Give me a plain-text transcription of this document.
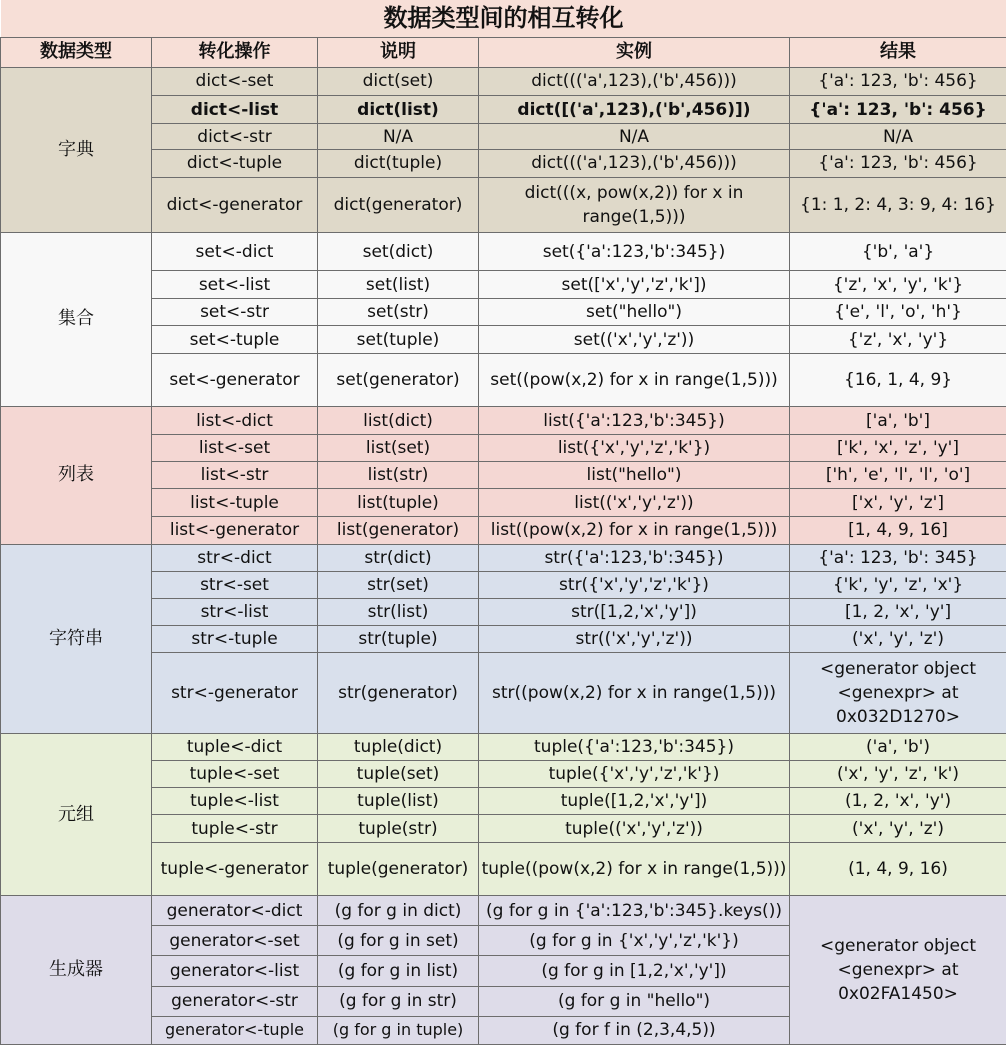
数据类型间的相互转化				
数据类型	转化操作	说明	实例	结果
字典	dict<-set	dict(set)	dict((('a',123),('b',456)))	{'a': 123, 'b': 456}
	dict<-list	dict(list)	dict([('a',123),('b',456)])	{'a': 123, 'b': 456}
	dict<-str	N/A	N/A	N/A
	dict<-tuple	dict(tuple)	dict((('a',123),('b',456)))	{'a': 123, 'b': 456}
	dict<-generator	dict(generator)	dict(((x, pow(x,2)) for x in range(1,5)))	{1: 1, 2: 4, 3: 9, 4: 16}
集合	set<-dict	set(dict)	set({'a':123,'b':345})	{'b', 'a'}
	set<-list	set(list)	set(['x','y','z','k'])	{'z', 'x', 'y', 'k'}
	set<-str	set(str)	set("hello")	{'e', 'l', 'o', 'h'}
	set<-tuple	set(tuple)	set(('x','y','z'))	{'z', 'x', 'y'}
	set<-generator	set(generator)	set((pow(x,2) for x in range(1,5)))	{16, 1, 4, 9}
列表	list<-dict	list(dict)	list({'a':123,'b':345})	['a', 'b']
	list<-set	list(set)	list({'x','y','z','k'})	['k', 'x', 'z', 'y']
	list<-str	list(str)	list("hello")	['h', 'e', 'l', 'l', 'o']
	list<-tuple	list(tuple)	list(('x','y','z'))	['x', 'y', 'z']
	list<-generator	list(generator)	list((pow(x,2) for x in range(1,5)))	[1, 4, 9, 16]
字符串	str<-dict	str(dict)	str({'a':123,'b':345})	{'a': 123, 'b': 345}
	str<-set	str(set)	str({'x','y','z','k'})	{'k', 'y', 'z', 'x'}
	str<-list	str(list)	str([1,2,'x','y'])	[1, 2, 'x', 'y']
	str<-tuple	str(tuple)	str(('x','y','z'))	('x', 'y', 'z')
	str<-generator	str(generator)	str((pow(x,2) for x in range(1,5)))	<generator object <genexpr> at 0x032D1270>
元组	tuple<-dict	tuple(dict)	tuple({'a':123,'b':345})	('a', 'b')
	tuple<-set	tuple(set)	tuple({'x','y','z','k'})	('x', 'y', 'z', 'k')
	tuple<-list	tuple(list)	tuple([1,2,'x','y'])	(1, 2, 'x', 'y')
	tuple<-str	tuple(str)	tuple(('x','y','z'))	('x', 'y', 'z')
	tuple<-generator	tuple(generator)	tuple((pow(x,2) for x in range(1,5)))	(1, 4, 9, 16)
生成器	generator<-dict	(g for g in dict)	(g for g in {'a':123,'b':345}.keys())	<generator object <genexpr> at 0x02FA1450>
	generator<-set	(g for g in set)	(g for g in {'x','y','z','k'})	
	generator<-list	(g for g in list)	(g for g in [1,2,'x','y'])	
	generator<-str	(g for g in str)	(g for g in "hello")	
	generator<-tuple	(g for g in tuple)	(g for f in (2,3,4,5))	
